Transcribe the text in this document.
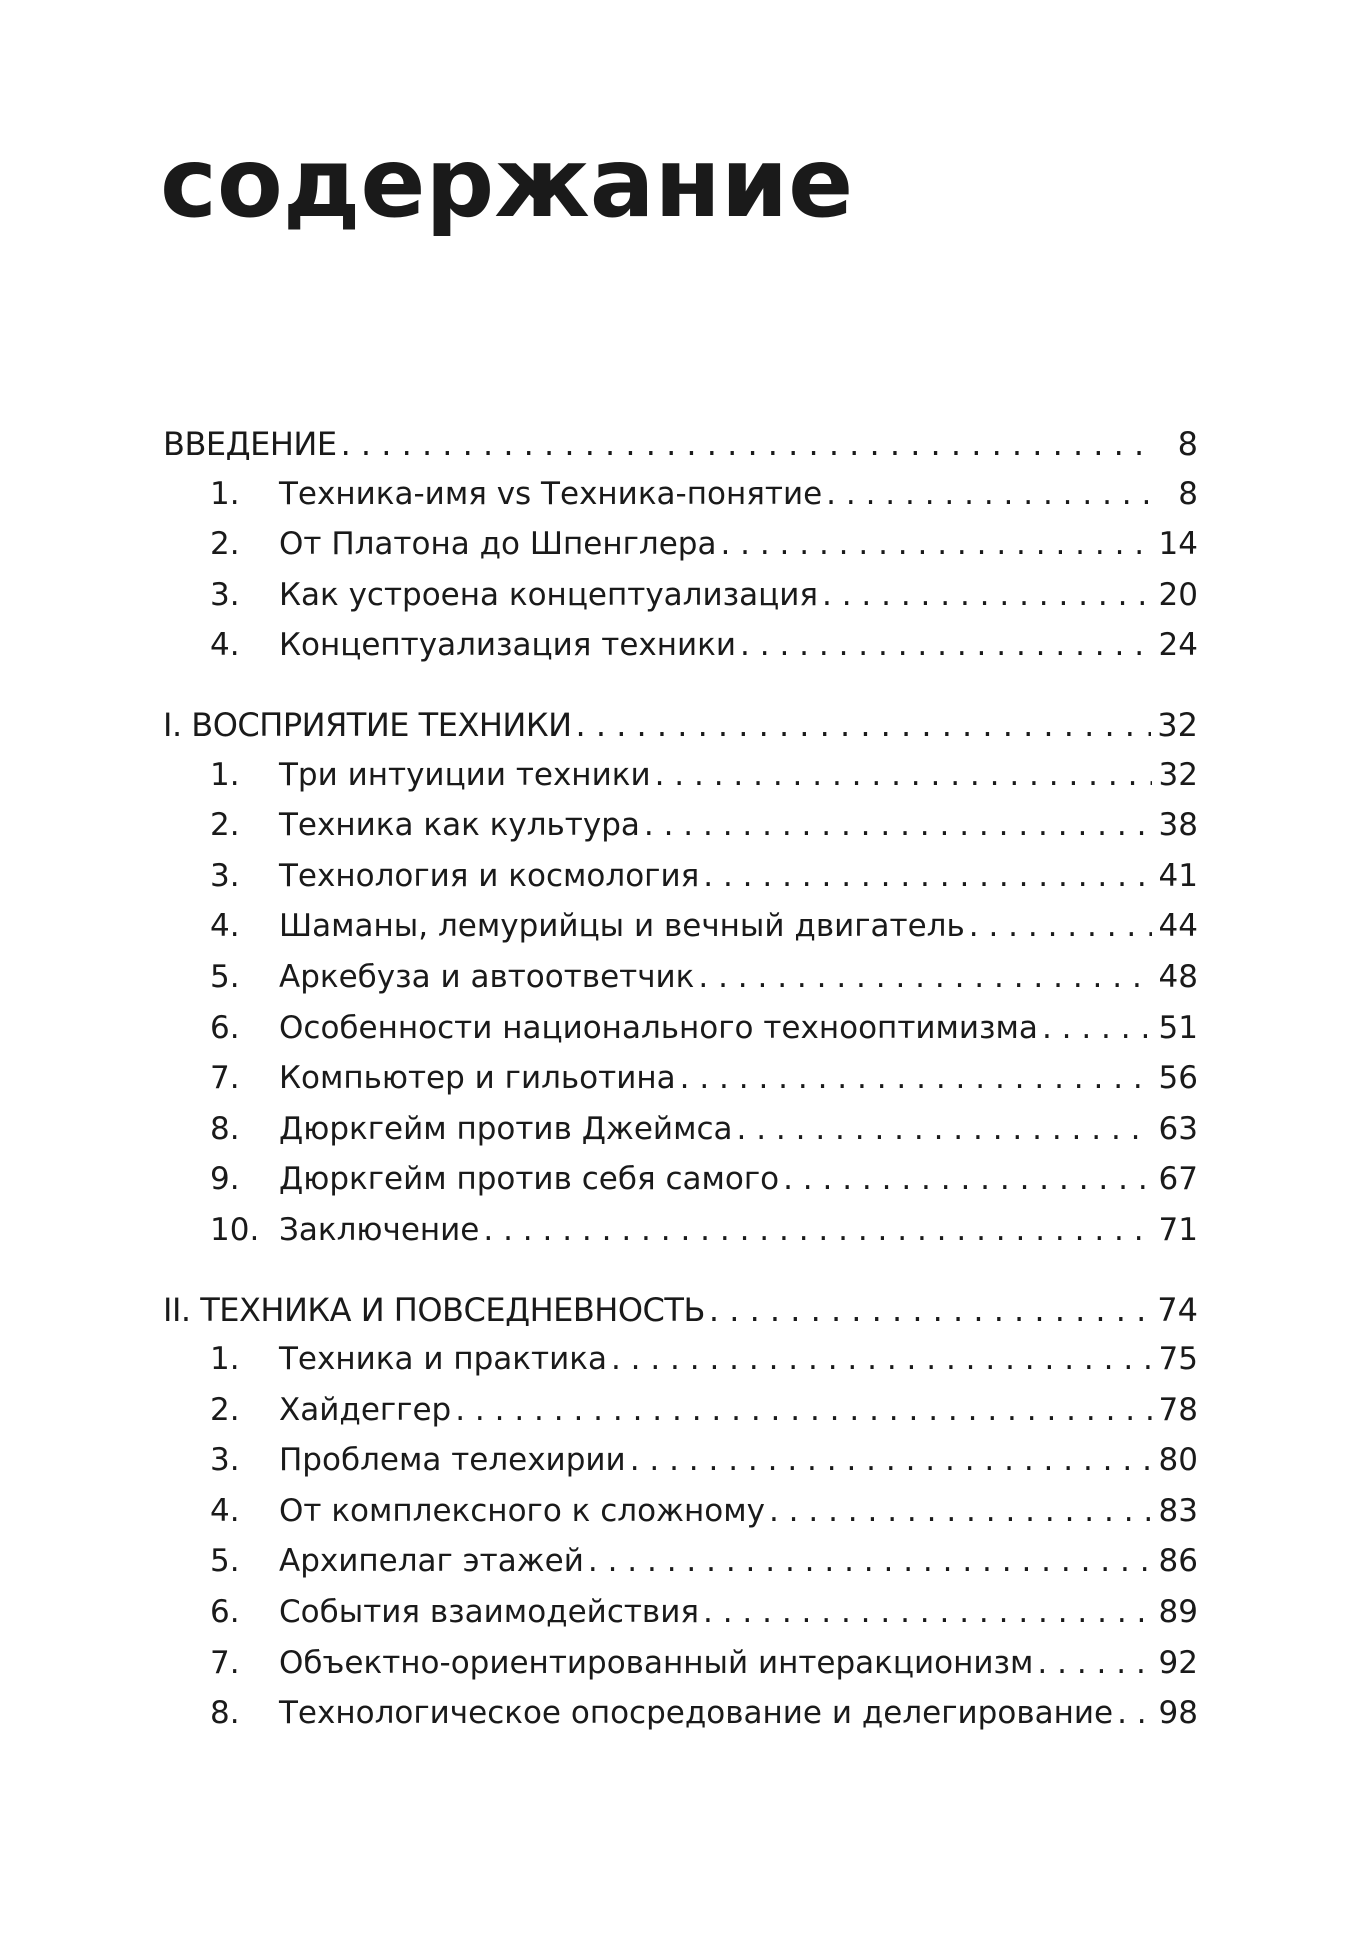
содержание
ВВЕДЕНИЕ . . .	8
1.	Техника-имя vs Техника-понятие . . .	8
2.	От Платона до Шпенглера . . .	14
3.	Как устроена концептуализация . . .	20
4.	Концептуализация техники . . .	24
I. ВОСПРИЯТИЕ ТЕХНИКИ . . .	32
1.	Три интуиции техники . . .	32
2.	Техника как культура . . .	38
3.	Технология и космология . . .	41
4.	Шаманы, лемурийцы и вечный двигатель . . .	44
5.	Аркебуза и автоответчик . . .	48
6.	Особенности национального технооптимизма . . .	51
7.	Компьютер и гильотина . . .	56
8.	Дюркгейм против Джеймса . . .	63
9.	Дюркгейм против себя самого . . .	67
10. Заключение . . .	71
II. ТЕХНИКА И ПОВСЕДНЕВНОСТЬ . . .	74
1.	Техника и практика . . .	75
2.	Хайдеггер . . .	78
3.	Проблема телехирии . . .	80
4.	От комплексного к сложному . . .	83
5.	Архипелаг этажей . . .	86
6.	События взаимодействия . . .	89
7.	Объектно-ориентированный интеракционизм . . .	92
8.	Технологическое опосредование и делегирование . . . 98
